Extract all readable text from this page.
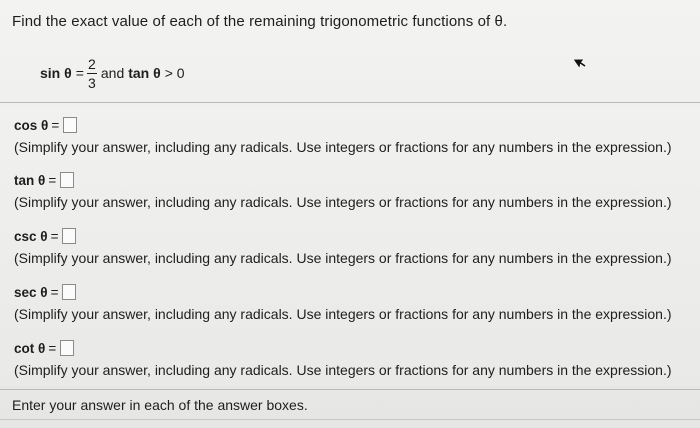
Find the exact value of each of the remaining trigonometric functions of θ.
$\sin \theta = \frac{2}{3}$ and tan θ > 0
cos θ =
(Simplify your answer, including any radicals. Use integers or fractions for any numbers in the expression.)
tan θ =
(Simplify your answer, including any radicals. Use integers or fractions for any numbers in the expression.)
csc θ =
(Simplify your answer, including any radicals. Use integers or fractions for any numbers in the expression.)
sec θ =
(Simplify your answer, including any radicals. Use integers or fractions for any numbers in the expression.)
cot θ =
(Simplify your answer, including any radicals. Use integers or fractions for any numbers in the expression.)
Enter your answer in each of the answer boxes.
